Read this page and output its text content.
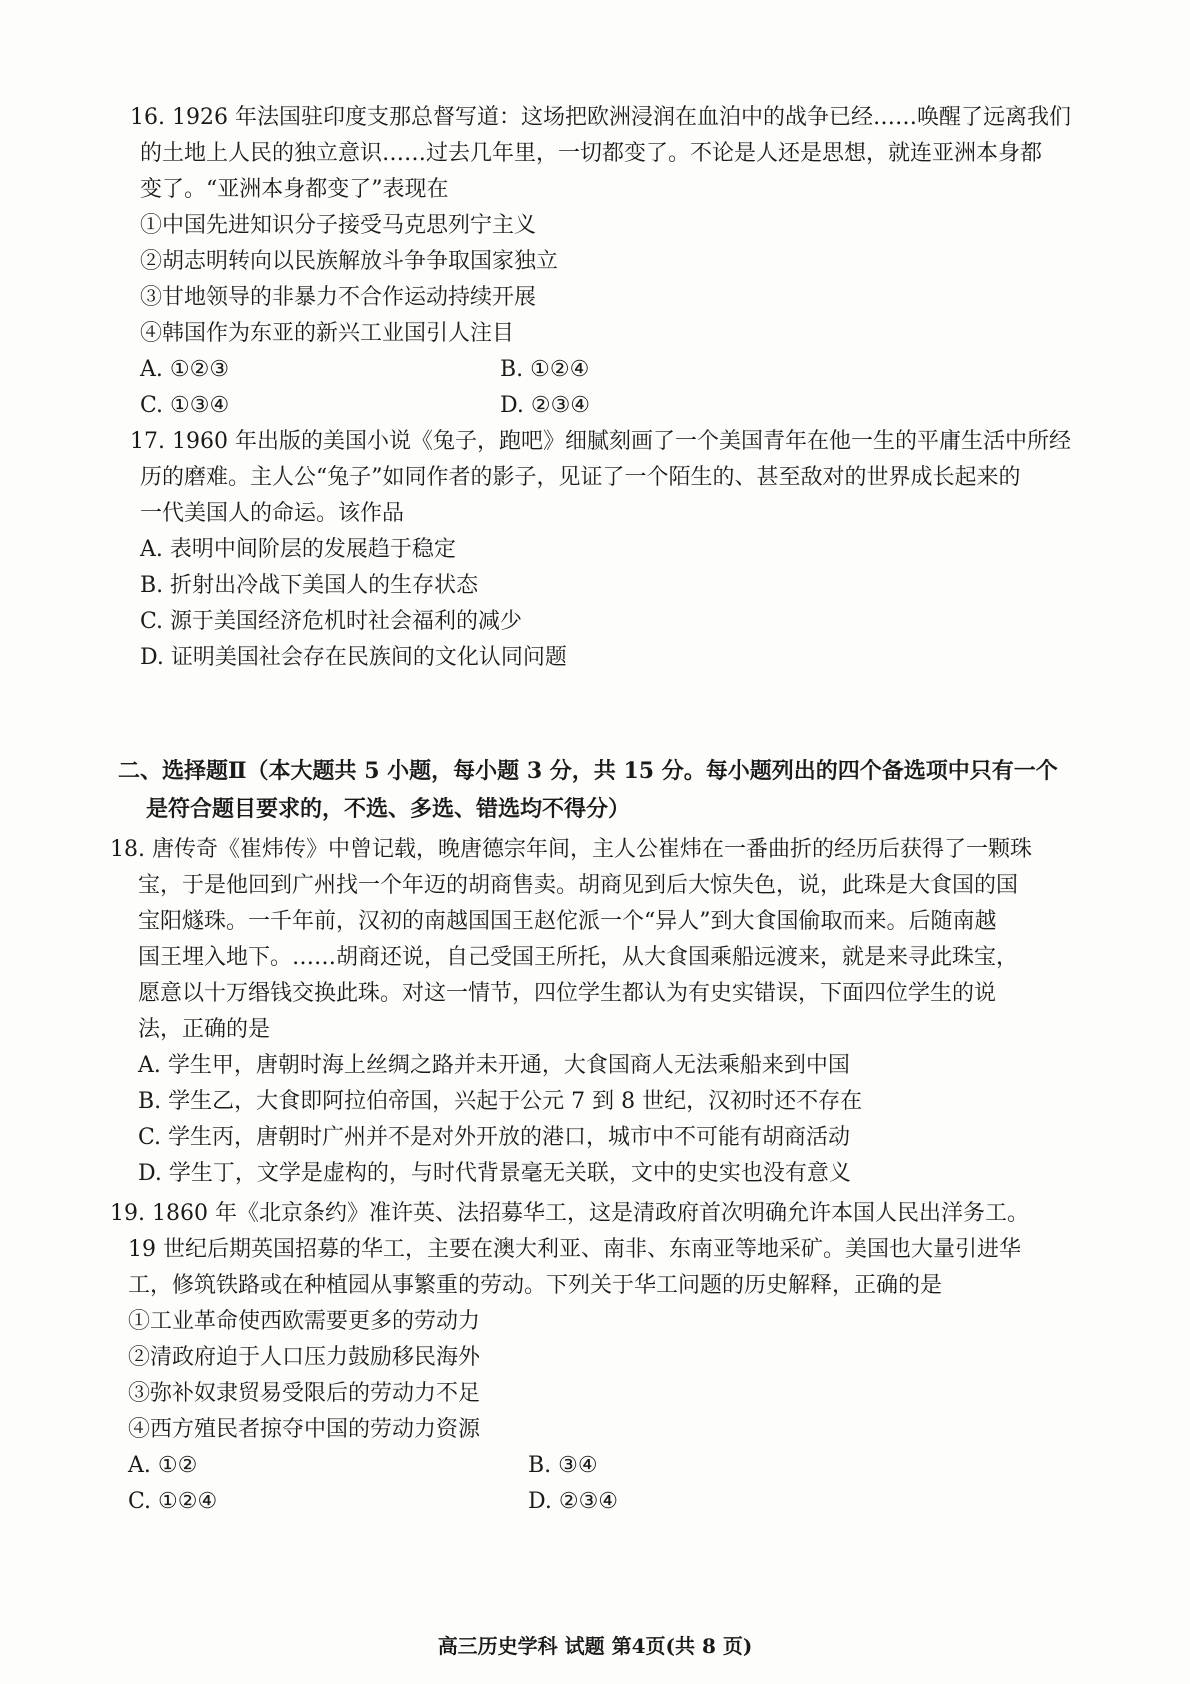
16. 1926 年法国驻印度支那总督写道：这场把欧洲浸润在血泊中的战争已经……唤醒了远离我们
的土地上人民的独立意识……过去几年里，一切都变了。不论是人还是思想，就连亚洲本身都
变了。“亚洲本身都变了”表现在
①中国先进知识分子接受马克思列宁主义
②胡志明转向以民族解放斗争争取国家独立
③甘地领导的非暴力不合作运动持续开展
④韩国作为东亚的新兴工业国引人注目
A. ①②③	B. ①②④
C. ①③④	D. ②③④
17. 1960 年出版的美国小说《兔子，跑吧》细腻刻画了一个美国青年在他一生的平庸生活中所经
历的磨难。主人公“兔子”如同作者的影子，见证了一个陌生的、甚至敌对的世界成长起来的
一代美国人的命运。该作品
A. 表明中间阶层的发展趋于稳定
B. 折射出冷战下美国人的生存状态
C. 源于美国经济危机时社会福利的减少
D. 证明美国社会存在民族间的文化认同问题
二、选择题Ⅱ（本大题共 5 小题，每小题 3 分，共 15 分。每小题列出的四个备选项中只有一个
是符合题目要求的，不选、多选、错选均不得分）
18. 唐传奇《崔炜传》中曾记载，晚唐德宗年间，主人公崔炜在一番曲折的经历后获得了一颗珠
宝，于是他回到广州找一个年迈的胡商售卖。胡商见到后大惊失色，说，此珠是大食国的国
宝阳燧珠。一千年前，汉初的南越国国王赵佗派一个“异人”到大食国偷取而来。后随南越
国王埋入地下。……胡商还说，自己受国王所托，从大食国乘船远渡来，就是来寻此珠宝，
愿意以十万缗钱交换此珠。对这一情节，四位学生都认为有史实错误，下面四位学生的说
法，正确的是
A. 学生甲，唐朝时海上丝绸之路并未开通，大食国商人无法乘船来到中国
B. 学生乙，大食即阿拉伯帝国，兴起于公元 7 到 8 世纪，汉初时还不存在
C. 学生丙，唐朝时广州并不是对外开放的港口，城市中不可能有胡商活动
D. 学生丁，文学是虚构的，与时代背景毫无关联，文中的史实也没有意义
19. 1860 年《北京条约》准许英、法招募华工，这是清政府首次明确允许本国人民出洋务工。
19 世纪后期英国招募的华工，主要在澳大利亚、南非、东南亚等地采矿。美国也大量引进华
工，修筑铁路或在种植园从事繁重的劳动。下列关于华工问题的历史解释，正确的是
①工业革命使西欧需要更多的劳动力
②清政府迫于人口压力鼓励移民海外
③弥补奴隶贸易受限后的劳动力不足
④西方殖民者掠夺中国的劳动力资源
A. ①②	B. ③④
C. ①②④	D. ②③④
高三历史学科 试题 第4页(共 8 页)
